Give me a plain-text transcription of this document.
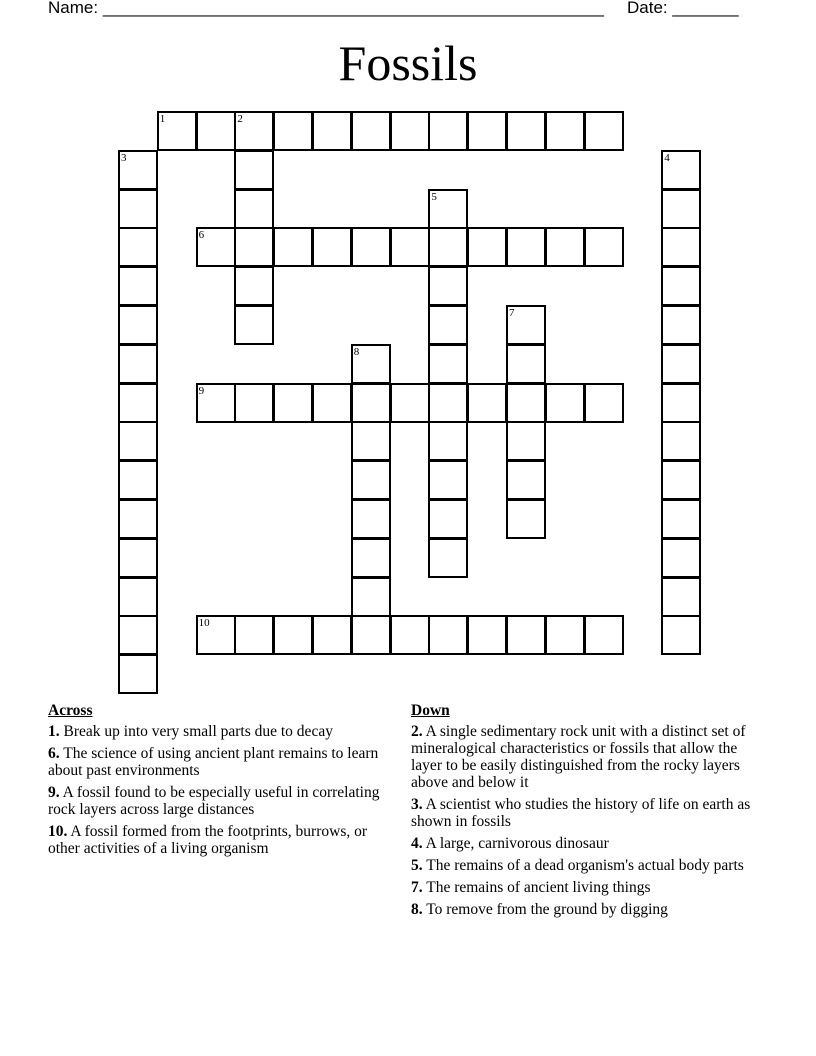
Name: _____________________________________________________ Date: _______
Fossils
1	2
3	4
5
6
7
8
9
10
Across
1. Break up into very small parts due to decay
6. The science of using ancient plant remains to learn about past environments
9. A fossil found to be especially useful in correlating rock layers across large distances
10. A fossil formed from the footprints, burrows, or other activities of a living organism
Down
2. A single sedimentary rock unit with a distinct set of mineralogical characteristics or fossils that allow the layer to be easily distinguished from the rocky layers above and below it
3. A scientist who studies the history of life on earth as shown in fossils
4. A large, carnivorous dinosaur
5. The remains of a dead organism's actual body parts
7. The remains of ancient living things
8. To remove from the ground by digging
